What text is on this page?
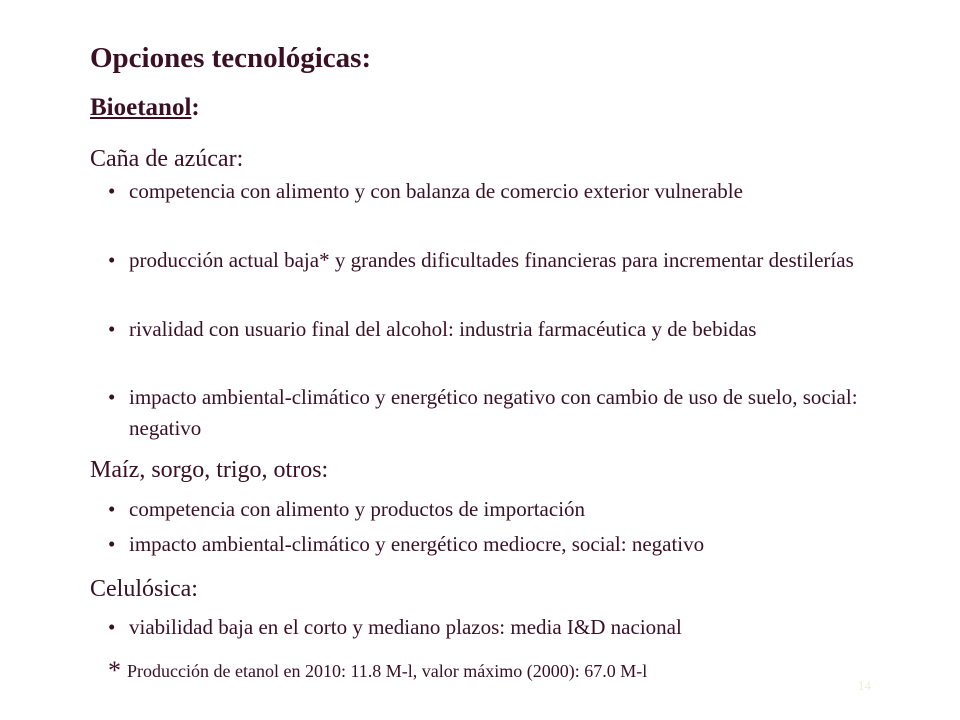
Opciones tecnológicas:
Bioetanol:
Caña de azúcar:
• competencia con alimento y con balanza de comercio exterior vulnerable
• producción actual baja* y grandes dificultades financieras para incrementar destilerías
• rivalidad con usuario final del alcohol: industria farmacéutica y de bebidas
• impacto ambiental-climático y energético negativo con cambio de uso de suelo, social: negativo
Maíz, sorgo, trigo, otros:
• competencia con alimento y productos de importación
• impacto ambiental-climático y energético mediocre, social: negativo
Celulósica:
• viabilidad baja en el corto y mediano plazos: media I&D nacional
* Producción de etanol en 2010: 11.8 M-l, valor máximo (2000): 67.0 M-l
14
